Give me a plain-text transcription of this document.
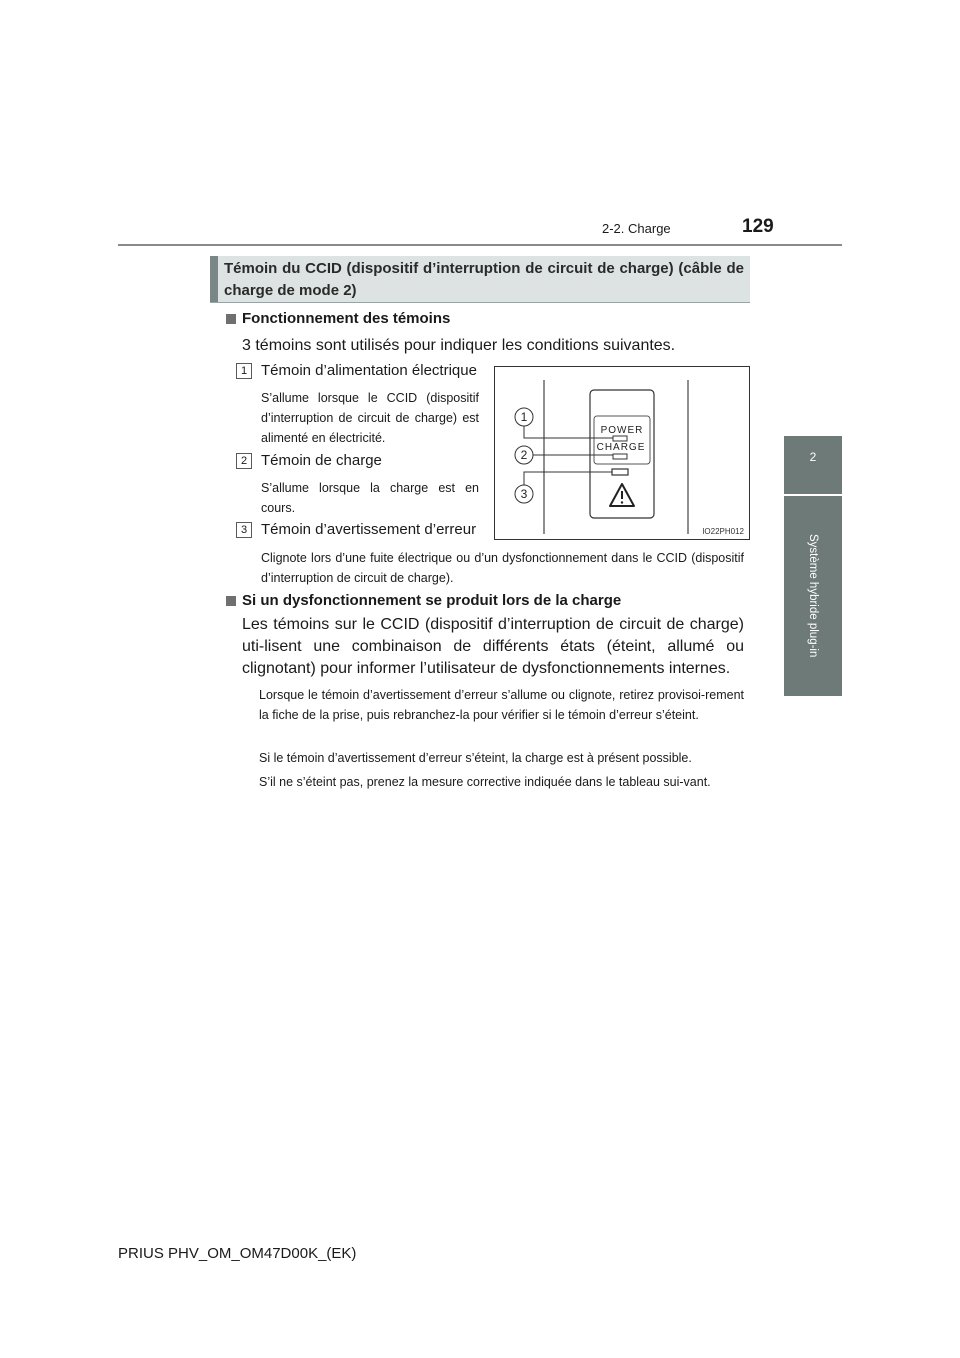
2-2. Charge	129
2
Système hybride plug-in
Témoin du CCID (dispositif d’interruption de circuit de charge) (câble de charge de mode 2)
Fonctionnement des témoins
3 témoins sont utilisés pour indiquer les conditions suivantes.
1 Témoin d’alimentation électrique
S’allume lorsque le CCID (dispositif d’interruption de circuit de charge) est alimenté en électricité.
2 Témoin de charge
S’allume lorsque la charge est en cours.
3 Témoin d’avertissement d’erreur
Clignote lors d’une fuite électrique ou d’un dysfonctionnement dans le CCID (dispositif d’interruption de circuit de charge).
POWER
CHARGE
1
2
3
IO22PH012
Si un dysfonctionnement se produit lors de la charge
Les témoins sur le CCID (dispositif d’interruption de circuit de charge) uti-lisent une combinaison de différents états (éteint, allumé ou clignotant) pour informer l’utilisateur de dysfonctionnements internes.
Lorsque le témoin d’avertissement d’erreur s’allume ou clignote, retirez provisoi-rement la fiche de la prise, puis rebranchez-la pour vérifier si le témoin d’erreur s’éteint.
Si le témoin d’avertissement d’erreur s’éteint, la charge est à présent possible.
S’il ne s’éteint pas, prenez la mesure corrective indiquée dans le tableau sui-vant.
PRIUS PHV_OM_OM47D00K_(EK)
